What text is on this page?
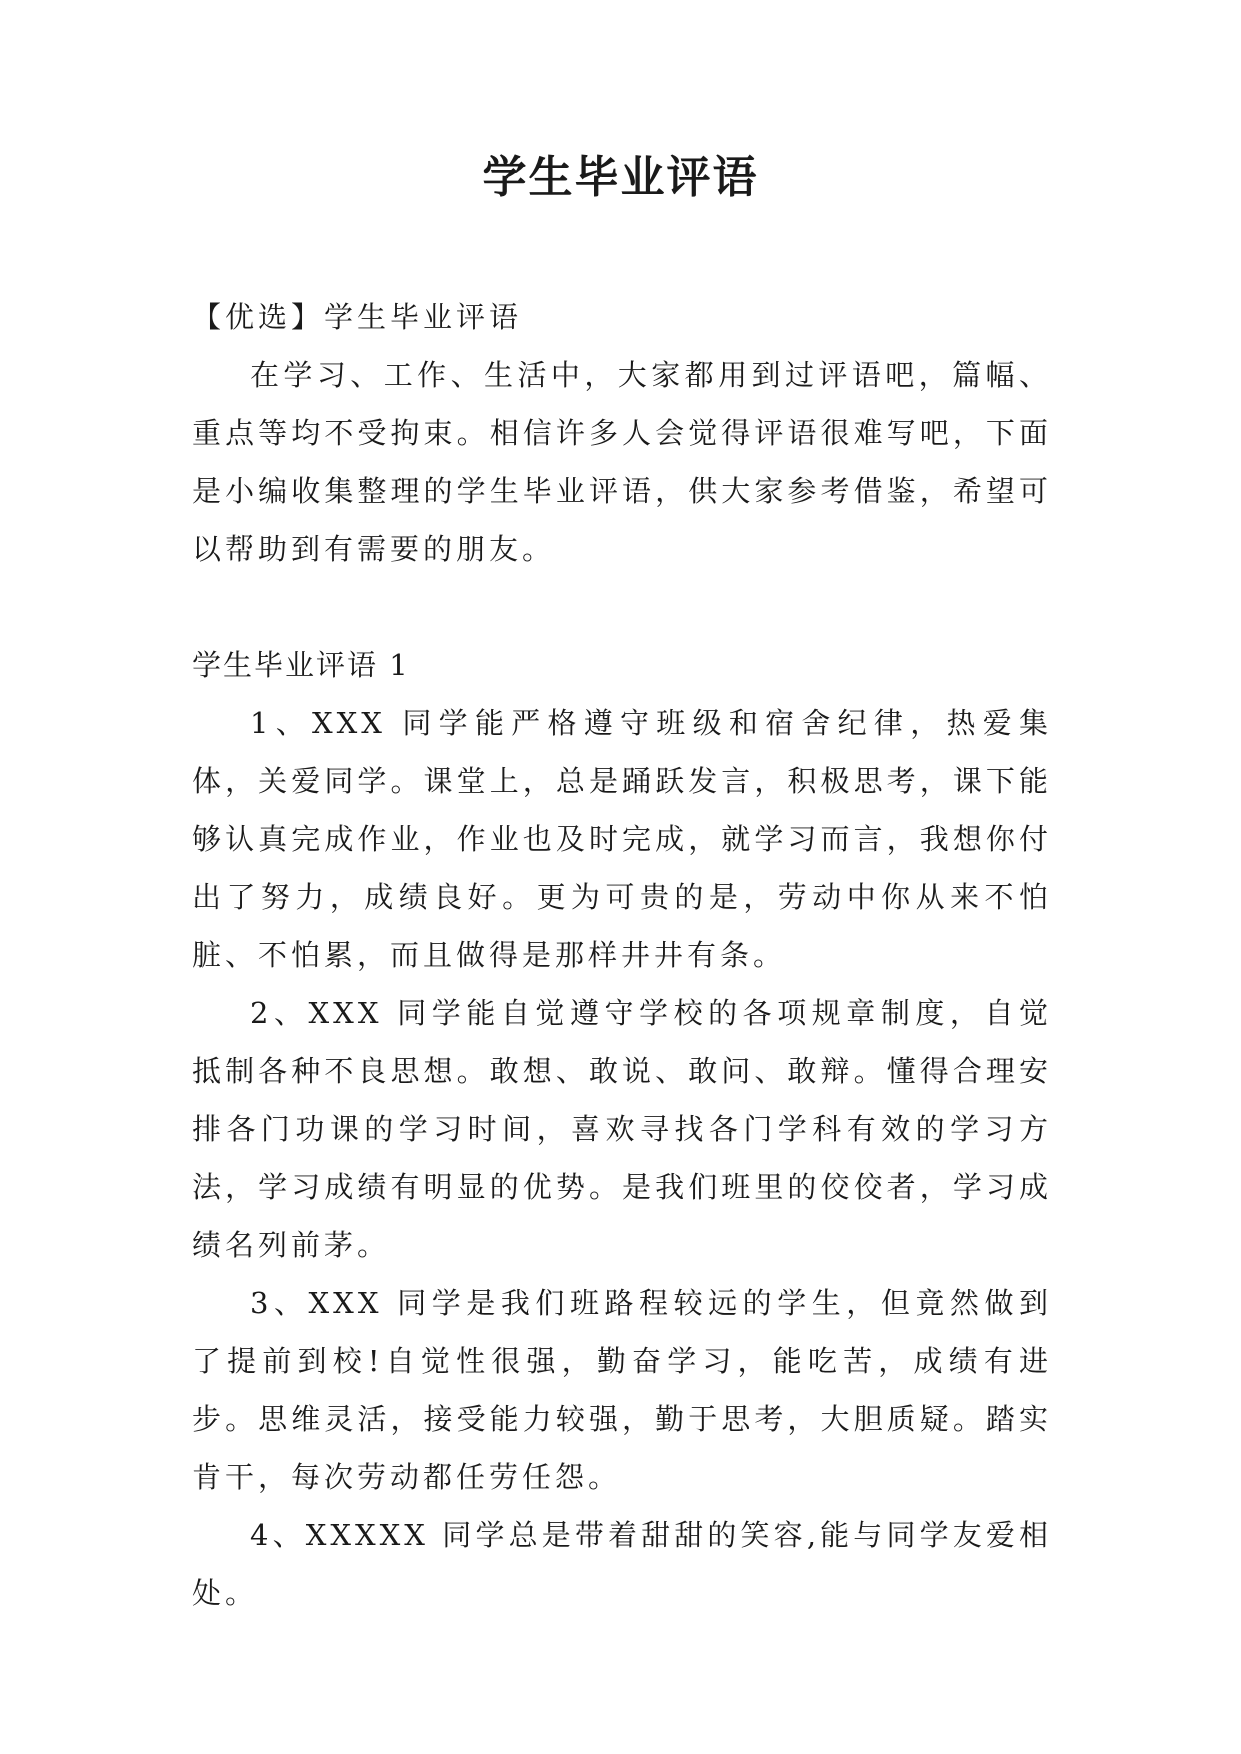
学生毕业评语

【优选】学生毕业评语

在学习、工作、生活中，大家都用到过评语吧，篇幅、重点等均不受拘束。相信许多人会觉得评语很难写吧，下面是小编收集整理的学生毕业评语，供大家参考借鉴，希望可以帮助到有需要的朋友。

学生毕业评语 1

1、XXX 同学能严格遵守班级和宿舍纪律，热爱集体，关爱同学。课堂上，总是踊跃发言，积极思考，课下能够认真完成作业，作业也及时完成，就学习而言，我想你付出了努力，成绩良好。更为可贵的是，劳动中你从来不怕脏、不怕累，而且做得是那样井井有条。
2、XXX 同学能自觉遵守学校的各项规章制度，自觉抵制各种不良思想。敢想、敢说、敢问、敢辩。懂得合理安排各门功课的学习时间，喜欢寻找各门学科有效的学习方法，学习成绩有明显的优势。是我们班里的佼佼者，学习成绩名列前茅。
3、XXX 同学是我们班路程较远的学生，但竟然做到了提前到校!自觉性很强，勤奋学习，能吃苦，成绩有进步。思维灵活，接受能力较强，勤于思考，大胆质疑。踏实肯干，每次劳动都任劳任怨。
4、XXXXX 同学总是带着甜甜的笑容,能与同学友爱相处。
